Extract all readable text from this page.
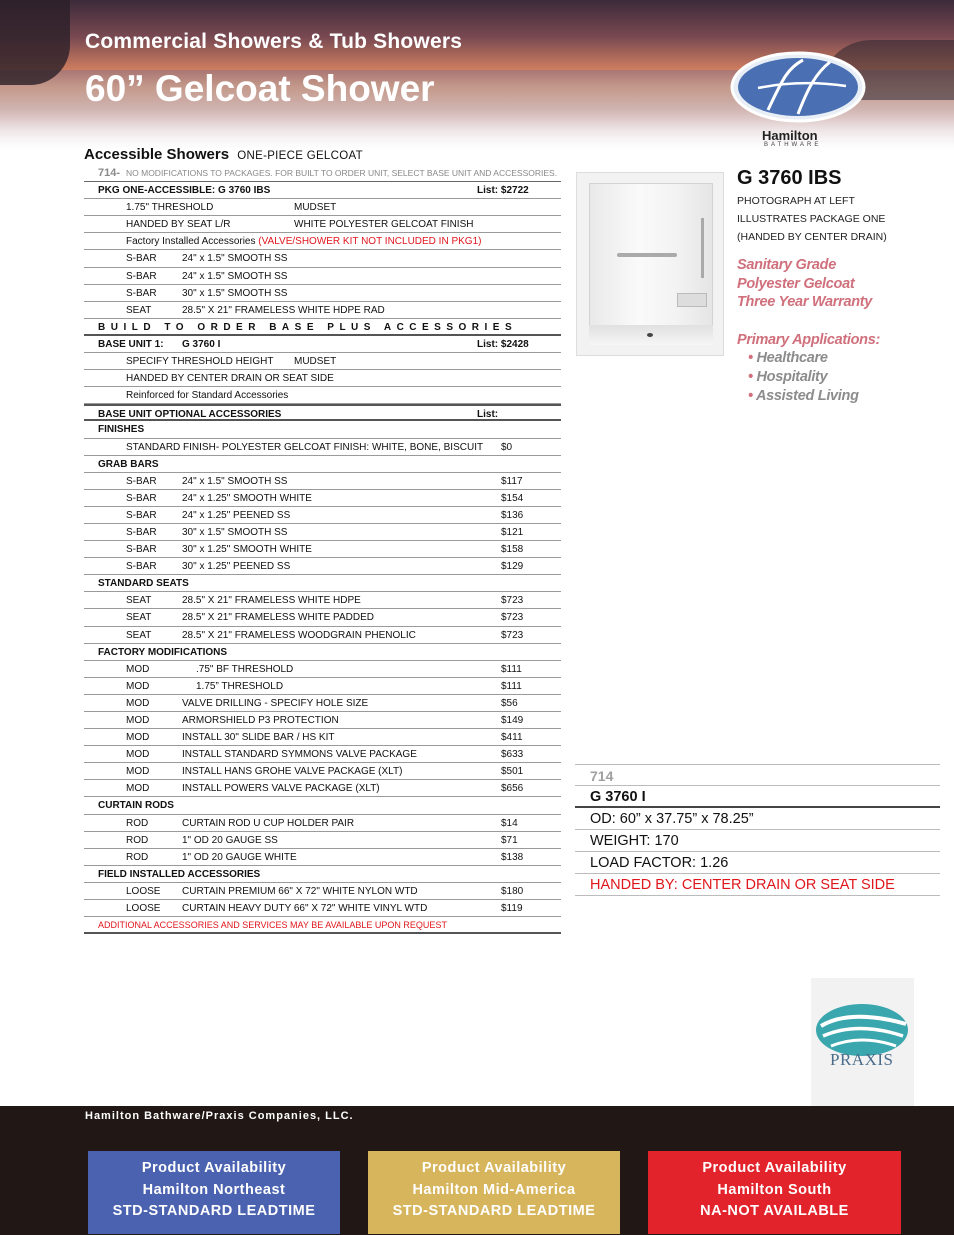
Commercial Showers & Tub Showers
60” Gelcoat Shower
Hamilton
BATHWARE
Accessible Showers ONE-PIECE GELCOAT
714- NO MODIFICATIONS TO PACKAGES. FOR BUILT TO ORDER UNIT, SELECT BASE UNIT AND ACCESSORIES.
PKG ONE-ACCESSIBLE: G 3760 IBS	List: $2722
1.75" THRESHOLD	MUDSET
HANDED BY SEAT L/R	WHITE POLYESTER GELCOAT FINISH
Factory Installed Accessories (VALVE/SHOWER KIT NOT INCLUDED IN PKG1)
S-BAR	24" x 1.5" SMOOTH SS
S-BAR	24" x 1.5" SMOOTH SS
S-BAR	30" x 1.5" SMOOTH SS
SEAT	28.5" X 21" FRAMELESS WHITE HDPE RAD
BUILD TO ORDER BASE PLUS ACCESSORIES
BASE UNIT 1: G 3760 I	List: $2428
SPECIFY THRESHOLD HEIGHT MUDSET
HANDED BY CENTER DRAIN OR SEAT SIDE
Reinforced for Standard Accessories
BASE UNIT OPTIONAL ACCESSORIES	List:
FINISHES
STANDARD FINISH- POLYESTER GELCOAT FINISH: WHITE, BONE, BISCUIT $0
GRAB BARS
S-BAR	24" x 1.5" SMOOTH SS	$117
S-BAR	24" x 1.25" SMOOTH WHITE	$154
S-BAR	24" x 1.25" PEENED SS	$136
S-BAR	30" x 1.5" SMOOTH SS	$121
S-BAR	30" x 1.25" SMOOTH WHITE	$158
S-BAR	30" x 1.25" PEENED SS	$129
STANDARD SEATS
SEAT	28.5" X 21" FRAMELESS WHITE HDPE	$723
SEAT	28.5" X 21" FRAMELESS WHITE PADDED	$723
SEAT	28.5" X 21" FRAMELESS WOODGRAIN PHENOLIC	$723
FACTORY MODIFICATIONS
MOD	.75" BF THRESHOLD	$111
MOD	1.75” THRESHOLD	$111
MOD	VALVE DRILLING - SPECIFY HOLE SIZE	$56
MOD	ARMORSHIELD P3 PROTECTION	$149
MOD	INSTALL 30" SLIDE BAR / HS KIT	$411
MOD	INSTALL STANDARD SYMMONS VALVE PACKAGE	$633
MOD	INSTALL HANS GROHE VALVE PACKAGE (XLT)	$501
MOD	INSTALL POWERS VALVE PACKAGE (XLT)	$656
CURTAIN RODS
ROD	CURTAIN ROD U CUP HOLDER PAIR	$14
ROD	1" OD 20 GAUGE SS	$71
ROD	1" OD 20 GAUGE WHITE	$138
FIELD INSTALLED ACCESSORIES
LOOSE CURTAIN PREMIUM 66" X 72" WHITE NYLON WTD	$180
LOOSE CURTAIN HEAVY DUTY 66" X 72" WHITE VINYL WTD	$119
ADDITIONAL ACCESSORIES AND SERVICES MAY BE AVAILABLE UPON REQUEST
G 3760 IBS
PHOTOGRAPH AT LEFT
ILLUSTRATES PACKAGE ONE
(HANDED BY CENTER DRAIN)
Sanitary Grade
Polyester Gelcoat
Three Year Warranty
Primary Applications:
• Healthcare
• Hospitality
• Assisted Living
714
G 3760 I
OD: 60” x 37.75” x 78.25”
WEIGHT: 170
LOAD FACTOR: 1.26
HANDED BY: CENTER DRAIN OR SEAT SIDE
PRAXIS
Hamilton Bathware/Praxis Companies, LLC.
Product Availability
Hamilton Northeast
STD-STANDARD LEADTIME
Product Availability
Hamilton Mid-America
STD-STANDARD LEADTIME
Product Availability
Hamilton South
NA-NOT AVAILABLE
